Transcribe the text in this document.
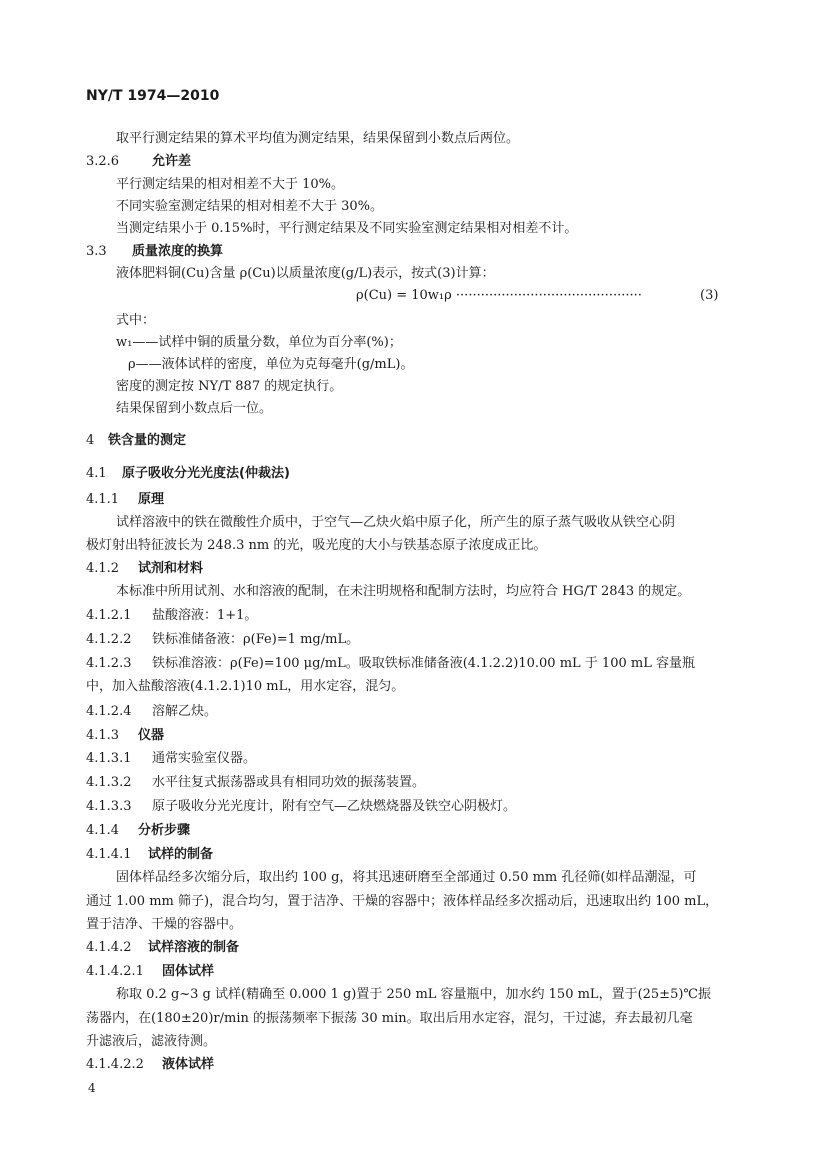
NY/T 1974—2010
取平行测定结果的算术平均值为测定结果，结果保留到小数点后两位。
3.2.6	允许差
平行测定结果的相对相差不大于 10%。
不同实验室测定结果的相对相差不大于 30%。
当测定结果小于 0.15%时，平行测定结果及不同实验室测定结果相对相差不计。
3.3 质量浓度的换算
液体肥料铜(Cu)含量 ρ(Cu)以质量浓度(g/L)表示，按式(3)计算：
ρ(Cu) = 10w₁ρ ·············································	(3)
式中：
w₁——试样中铜的质量分数，单位为百分率(%)；
ρ——液体试样的密度，单位为克每毫升(g/mL)。
密度的测定按 NY/T 887 的规定执行。
结果保留到小数点后一位。
4 铁含量的测定
4.1 原子吸收分光光度法(仲裁法)
4.1.1 原理
试样溶液中的铁在微酸性介质中，于空气—乙炔火焰中原子化，所产生的原子蒸气吸收从铁空心阴
极灯射出特征波长为 248.3 nm 的光，吸光度的大小与铁基态原子浓度成正比。
4.1.2 试剂和材料
本标准中所用试剂、水和溶液的配制，在未注明规格和配制方法时，均应符合 HG/T 2843 的规定。
4.1.2.1 盐酸溶液：1+1。
4.1.2.2 铁标准储备液：ρ(Fe)=1 mg/mL。
4.1.2.3 铁标准溶液：ρ(Fe)=100 μg/mL。吸取铁标准储备液(4.1.2.2)10.00 mL 于 100 mL 容量瓶
中，加入盐酸溶液(4.1.2.1)10 mL，用水定容，混匀。
4.1.2.4 溶解乙炔。
4.1.3 仪器
4.1.3.1 通常实验室仪器。
4.1.3.2 水平往复式振荡器或具有相同功效的振荡装置。
4.1.3.3 原子吸收分光光度计，附有空气—乙炔燃烧器及铁空心阴极灯。
4.1.4 分析步骤
4.1.4.1 试样的制备
固体样品经多次缩分后，取出约 100 g，将其迅速研磨至全部通过 0.50 mm 孔径筛(如样品潮湿，可
通过 1.00 mm 筛子)，混合均匀，置于洁净、干燥的容器中；液体样品经多次摇动后，迅速取出约 100 mL，
置于洁净、干燥的容器中。
4.1.4.2 试样溶液的制备
4.1.4.2.1 固体试样
称取 0.2 g~3 g 试样(精确至 0.000 1 g)置于 250 mL 容量瓶中，加水约 150 mL，置于(25±5)℃振
荡器内，在(180±20)r/min 的振荡频率下振荡 30 min。取出后用水定容，混匀，干过滤，弃去最初几毫
升滤液后，滤液待测。
4.1.4.2.2 液体试样
4
